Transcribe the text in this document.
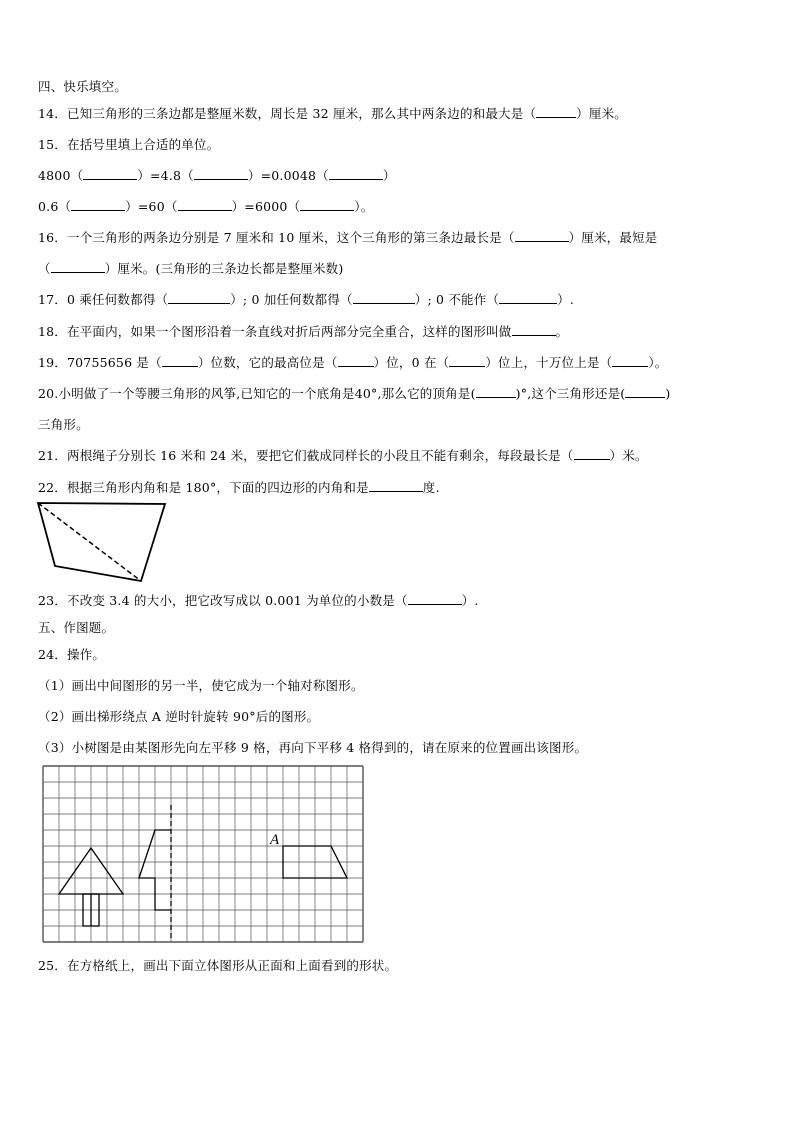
四、快乐填空。
14．已知三角形的三条边都是整厘米数，周长是 32 厘米，那么其中两条边的和最大是（	）厘米。
15．在括号里填上合适的单位。
4800（	）=4.8（	）=0.0048（	）
0.6（	）=60（	）=6000（	）。
16．一个三角形的两条边分别是 7 厘米和 10 厘米，这个三角形的第三条边最长是（	）厘米，最短是
（	）厘米。(三角形的三条边长都是整厘米数)
17．0 乘任何数都得（	）; 0 加任何数都得（	）; 0 不能作（	）.
18．在平面内，如果一个图形沿着一条直线对折后两部分完全重合，这样的图形叫做	。
19．70755656 是（	）位数，它的最高位是（	）位，0 在（	）位上，十万位上是（	）。
20.小明做了一个等腰三角形的风筝,已知它的一个底角是40°,那么它的顶角是(	)°,这个三角形还是(	)
三角形。
21．两根绳子分别长 16 米和 24 米，要把它们截成同样长的小段且不能有剩余，每段最长是（	）米。
22．根据三角形内角和是 180°，下面的四边形的内角和是	度.
23．不改变 3.4 的大小，把它改写成以 0.001 为单位的小数是（	）.
五、作图题。
24．操作。
（1）画出中间图形的另一半，使它成为一个轴对称图形。
（2）画出梯形绕点 A 逆时针旋转 90°后的图形。
（3）小树图是由某图形先向左平移 9 格，再向下平移 4 格得到的，请在原来的位置画出该图形。
A
25．在方格纸上，画出下面立体图形从正面和上面看到的形状。
